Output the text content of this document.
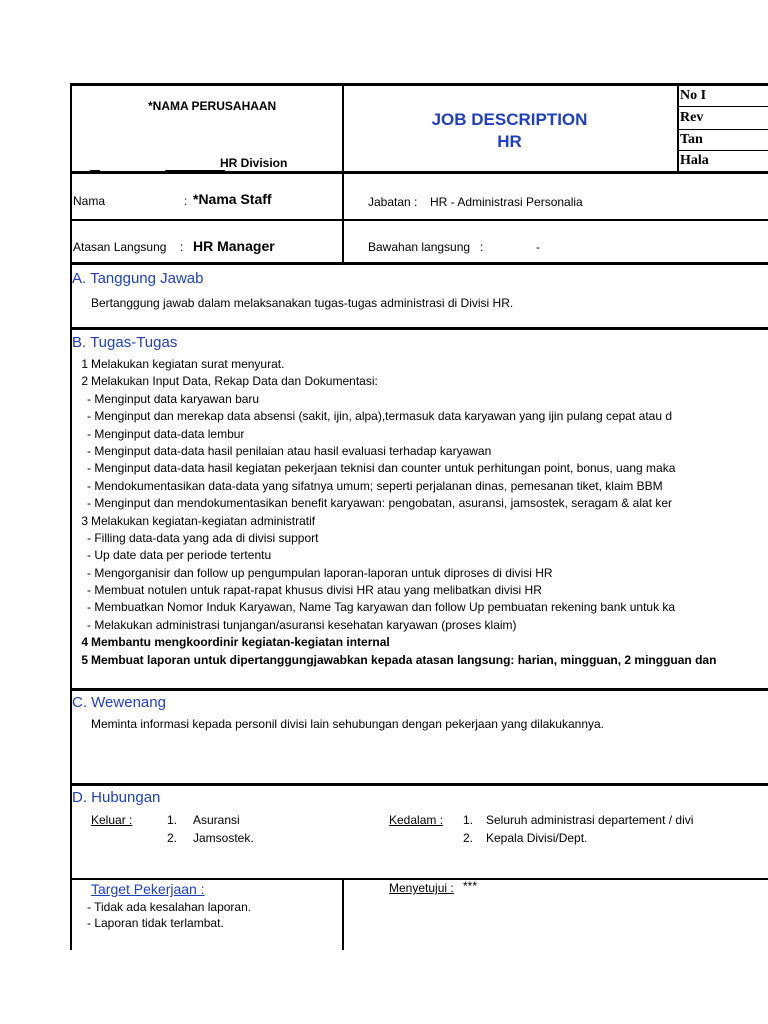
*NAMA PERUSAHAAN
HR Division
JOB DESCRIPTION
HR
No I
Rev
Tan
Hala
Nama	: *Nama Staff	Jabatan : HR - Administrasi Personalia
Atasan Langsung : HR Manager	Bawahan langsung :	-
A. Tanggung Jawab
Bertanggung jawab dalam melaksanakan tugas-tugas administrasi di Divisi HR.
B. Tugas-Tugas
1 Melakukan kegiatan surat menyurat.
2 Melakukan Input Data, Rekap Data dan Dokumentasi:
- Menginput data karyawan baru
- Menginput dan merekap data absensi (sakit, ijin, alpa),termasuk data karyawan yang ijin pulang cepat atau d
- Menginput data-data lembur
- Menginput data-data hasil penilaian atau hasil evaluasi terhadap karyawan
- Menginput data-data hasil kegiatan pekerjaan teknisi dan counter untuk perhitungan point, bonus, uang maka
- Mendokumentasikan data-data yang sifatnya umum; seperti perjalanan dinas, pemesanan tiket, klaim BBM
- Menginput dan mendokumentasikan benefit karyawan: pengobatan, asuransi, jamsostek, seragam & alat ker
3 Melakukan kegiatan-kegiatan administratif
- Filling data-data yang ada di divisi support
- Up date data per periode tertentu
- Mengorganisir dan follow up pengumpulan laporan-laporan untuk diproses di divisi HR
- Membuat notulen untuk rapat-rapat khusus divisi HR atau yang melibatkan divisi HR
- Membuatkan Nomor Induk Karyawan, Name Tag karyawan dan follow Up pembuatan rekening bank untuk ka
- Melakukan administrasi tunjangan/asuransi kesehatan karyawan (proses klaim)
4 Membantu mengkoordinir kegiatan-kegiatan internal
5 Membuat laporan untuk dipertanggungjawabkan kepada atasan langsung: harian, mingguan, 2 mingguan dan
C. Wewenang
Meminta informasi kepada personil divisi lain sehubungan dengan pekerjaan yang dilakukannya.
D. Hubungan
Keluar :	1. Asuransi
2. Jamsostek.
Kedalam : 1. Seluruh administrasi departement / divi
2. Kepala Divisi/Dept.
Target Pekerjaan :
- Tidak ada kesalahan laporan.
- Laporan tidak terlambat.
Menyetujui : ***
